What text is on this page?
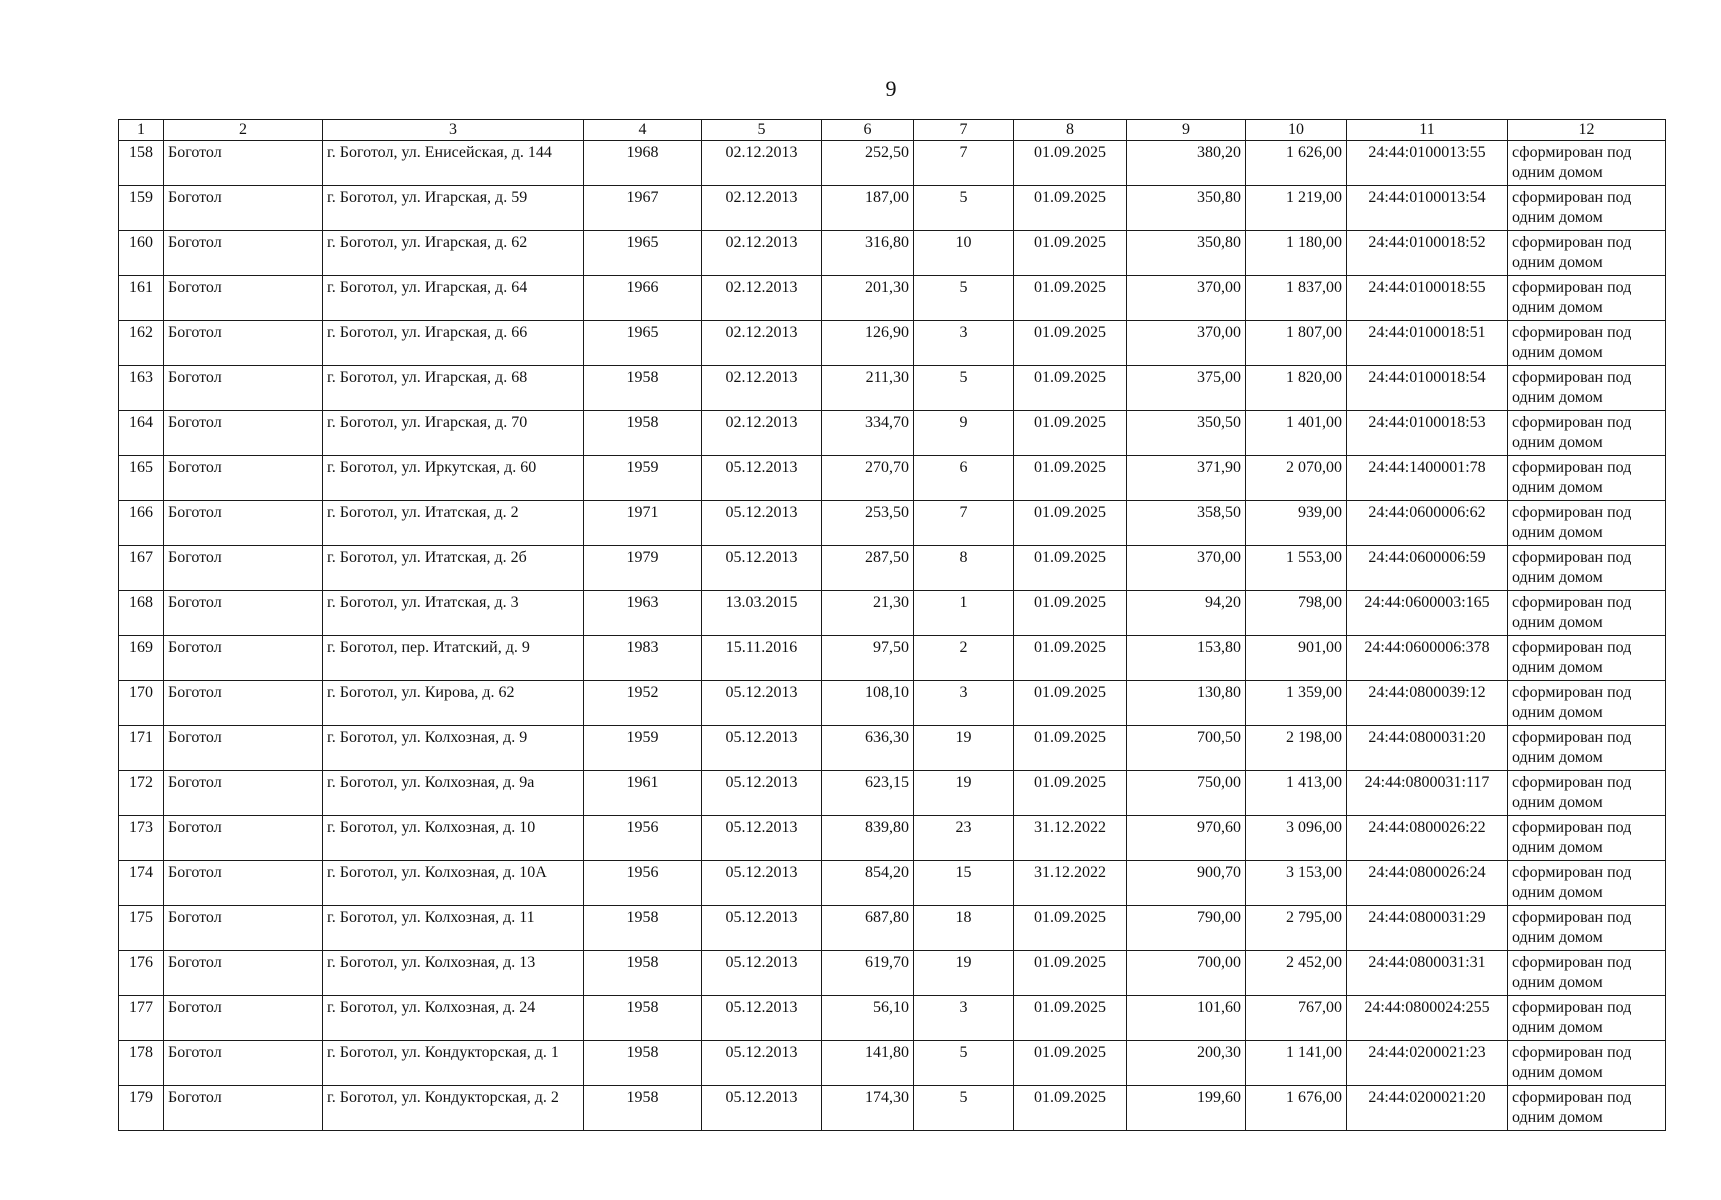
9
1	2	3	4	5	6	7	8	9	10	11	12
158	Боготол	г. Боготол, ул. Енисейская, д. 144	1968	02.12.2013	252,50	7	01.09.2025	380,20	1 626,00	24:44:0100013:55	сформирован под одним домом
159	Боготол	г. Боготол, ул. Игарская, д. 59	1967	02.12.2013	187,00	5	01.09.2025	350,80	1 219,00	24:44:0100013:54	сформирован под одним домом
160	Боготол	г. Боготол, ул. Игарская, д. 62	1965	02.12.2013	316,80	10	01.09.2025	350,80	1 180,00	24:44:0100018:52	сформирован под одним домом
161	Боготол	г. Боготол, ул. Игарская, д. 64	1966	02.12.2013	201,30	5	01.09.2025	370,00	1 837,00	24:44:0100018:55	сформирован под одним домом
162	Боготол	г. Боготол, ул. Игарская, д. 66	1965	02.12.2013	126,90	3	01.09.2025	370,00	1 807,00	24:44:0100018:51	сформирован под одним домом
163	Боготол	г. Боготол, ул. Игарская, д. 68	1958	02.12.2013	211,30	5	01.09.2025	375,00	1 820,00	24:44:0100018:54	сформирован под одним домом
164	Боготол	г. Боготол, ул. Игарская, д. 70	1958	02.12.2013	334,70	9	01.09.2025	350,50	1 401,00	24:44:0100018:53	сформирован под одним домом
165	Боготол	г. Боготол, ул. Иркутская, д. 60	1959	05.12.2013	270,70	6	01.09.2025	371,90	2 070,00	24:44:1400001:78	сформирован под одним домом
166	Боготол	г. Боготол, ул. Итатская, д. 2	1971	05.12.2013	253,50	7	01.09.2025	358,50	939,00	24:44:0600006:62	сформирован под одним домом
167	Боготол	г. Боготол, ул. Итатская, д. 2б	1979	05.12.2013	287,50	8	01.09.2025	370,00	1 553,00	24:44:0600006:59	сформирован под одним домом
168	Боготол	г. Боготол, ул. Итатская, д. 3	1963	13.03.2015	21,30	1	01.09.2025	94,20	798,00	24:44:0600003:165	сформирован под одним домом
169	Боготол	г. Боготол, пер. Итатский, д. 9	1983	15.11.2016	97,50	2	01.09.2025	153,80	901,00	24:44:0600006:378	сформирован под одним домом
170	Боготол	г. Боготол, ул. Кирова, д. 62	1952	05.12.2013	108,10	3	01.09.2025	130,80	1 359,00	24:44:0800039:12	сформирован под одним домом
171	Боготол	г. Боготол, ул. Колхозная, д. 9	1959	05.12.2013	636,30	19	01.09.2025	700,50	2 198,00	24:44:0800031:20	сформирован под одним домом
172	Боготол	г. Боготол, ул. Колхозная, д. 9а	1961	05.12.2013	623,15	19	01.09.2025	750,00	1 413,00	24:44:0800031:117	сформирован под одним домом
173	Боготол	г. Боготол, ул. Колхозная, д. 10	1956	05.12.2013	839,80	23	31.12.2022	970,60	3 096,00	24:44:0800026:22	сформирован под одним домом
174	Боготол	г. Боготол, ул. Колхозная, д. 10А	1956	05.12.2013	854,20	15	31.12.2022	900,70	3 153,00	24:44:0800026:24	сформирован под одним домом
175	Боготол	г. Боготол, ул. Колхозная, д. 11	1958	05.12.2013	687,80	18	01.09.2025	790,00	2 795,00	24:44:0800031:29	сформирован под одним домом
176	Боготол	г. Боготол, ул. Колхозная, д. 13	1958	05.12.2013	619,70	19	01.09.2025	700,00	2 452,00	24:44:0800031:31	сформирован под одним домом
177	Боготол	г. Боготол, ул. Колхозная, д. 24	1958	05.12.2013	56,10	3	01.09.2025	101,60	767,00	24:44:0800024:255	сформирован под одним домом
178	Боготол	г. Боготол, ул. Кондукторская, д. 1	1958	05.12.2013	141,80	5	01.09.2025	200,30	1 141,00	24:44:0200021:23	сформирован под одним домом
179	Боготол	г. Боготол, ул. Кондукторская, д. 2	1958	05.12.2013	174,30	5	01.09.2025	199,60	1 676,00	24:44:0200021:20	сформирован под одним домом
